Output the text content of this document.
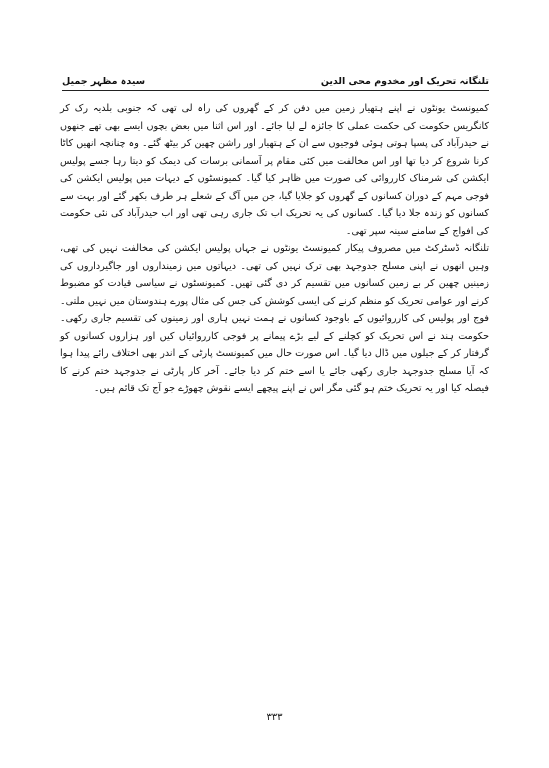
تلنگانہ تحریک اور مخدوم محی الدین
سیدہ مظہر جمیل

کمیونسٹ یونٹوں نے اپنے ہتھیار زمین میں دفن کر کے گھروں کی راہ لی تھی کہ جنوبی بلدیہ رک کر کانگریس حکومت کی حکمت عملی کا جائزہ لے لیا جائے۔ اور اس اثنا میں بعض بچوں ایسے بھی تھے جنھوں نے حیدرآباد کی پسپا ہوتی ہوئی فوجیوں سے ان کے ہتھیار اور راشن چھین کر بیٹھ گئے۔ وہ چنانچہ انھیں کاٹا کرنا شروع کر دیا تھا اور اس مخالفت میں کئی مقام پر آسمانی برسات کی دیمک کو دیتا رہا جسے پولیس ایکشن کی شرمناک کارروائی کی صورت میں ظاہر کیا گیا۔ کمیونسٹوں کے دیہات میں پولیس ایکشن کی فوجی مہم کے دوران کسانوں کے گھروں کو جلایا گیا، جن میں آگ کے شعلے ہر طرف بکھر گئے اور بہت سے کسانوں کو زندہ جلا دیا گیا۔ کسانوں کی یہ تحریک اب تک جاری رہی تھی اور اب حیدرآباد کی نئی حکومت کی افواج کے سامنے سینہ سپر تھی۔

تلنگانہ ڈسٹرکٹ میں مصروف پیکار کمیونسٹ یونٹوں نے جہاں پولیس ایکشن کی مخالفت نہیں کی تھی، وہیں انھوں نے اپنی مسلح جدوجہد بھی ترک نہیں کی تھی۔ دیہاتوں میں زمینداروں اور جاگیرداروں کی زمینیں چھین کر بے زمین کسانوں میں تقسیم کر دی گئی تھیں۔ کمیونسٹوں نے سیاسی قیادت کو مضبوط کرنے اور عوامی تحریک کو منظم کرنے کی ایسی کوشش کی جس کی مثال پورے ہندوستان میں نہیں ملتی۔ فوج اور پولیس کی کارروائیوں کے باوجود کسانوں نے ہمت نہیں ہاری اور زمینوں کی تقسیم جاری رکھی۔ حکومت ہند نے اس تحریک کو کچلنے کے لیے بڑے پیمانے پر فوجی کارروائیاں کیں اور ہزاروں کسانوں کو گرفتار کر کے جیلوں میں ڈال دیا گیا۔ اس صورت حال میں کمیونسٹ پارٹی کے اندر بھی اختلاف رائے پیدا ہوا کہ آیا مسلح جدوجہد جاری رکھی جائے یا اسے ختم کر دیا جائے۔ آخر کار پارٹی نے جدوجہد ختم کرنے کا فیصلہ کیا اور یہ تحریک ختم ہو گئی مگر اس نے اپنے پیچھے ایسے نقوش چھوڑے جو آج تک قائم ہیں۔

۳۳۳
